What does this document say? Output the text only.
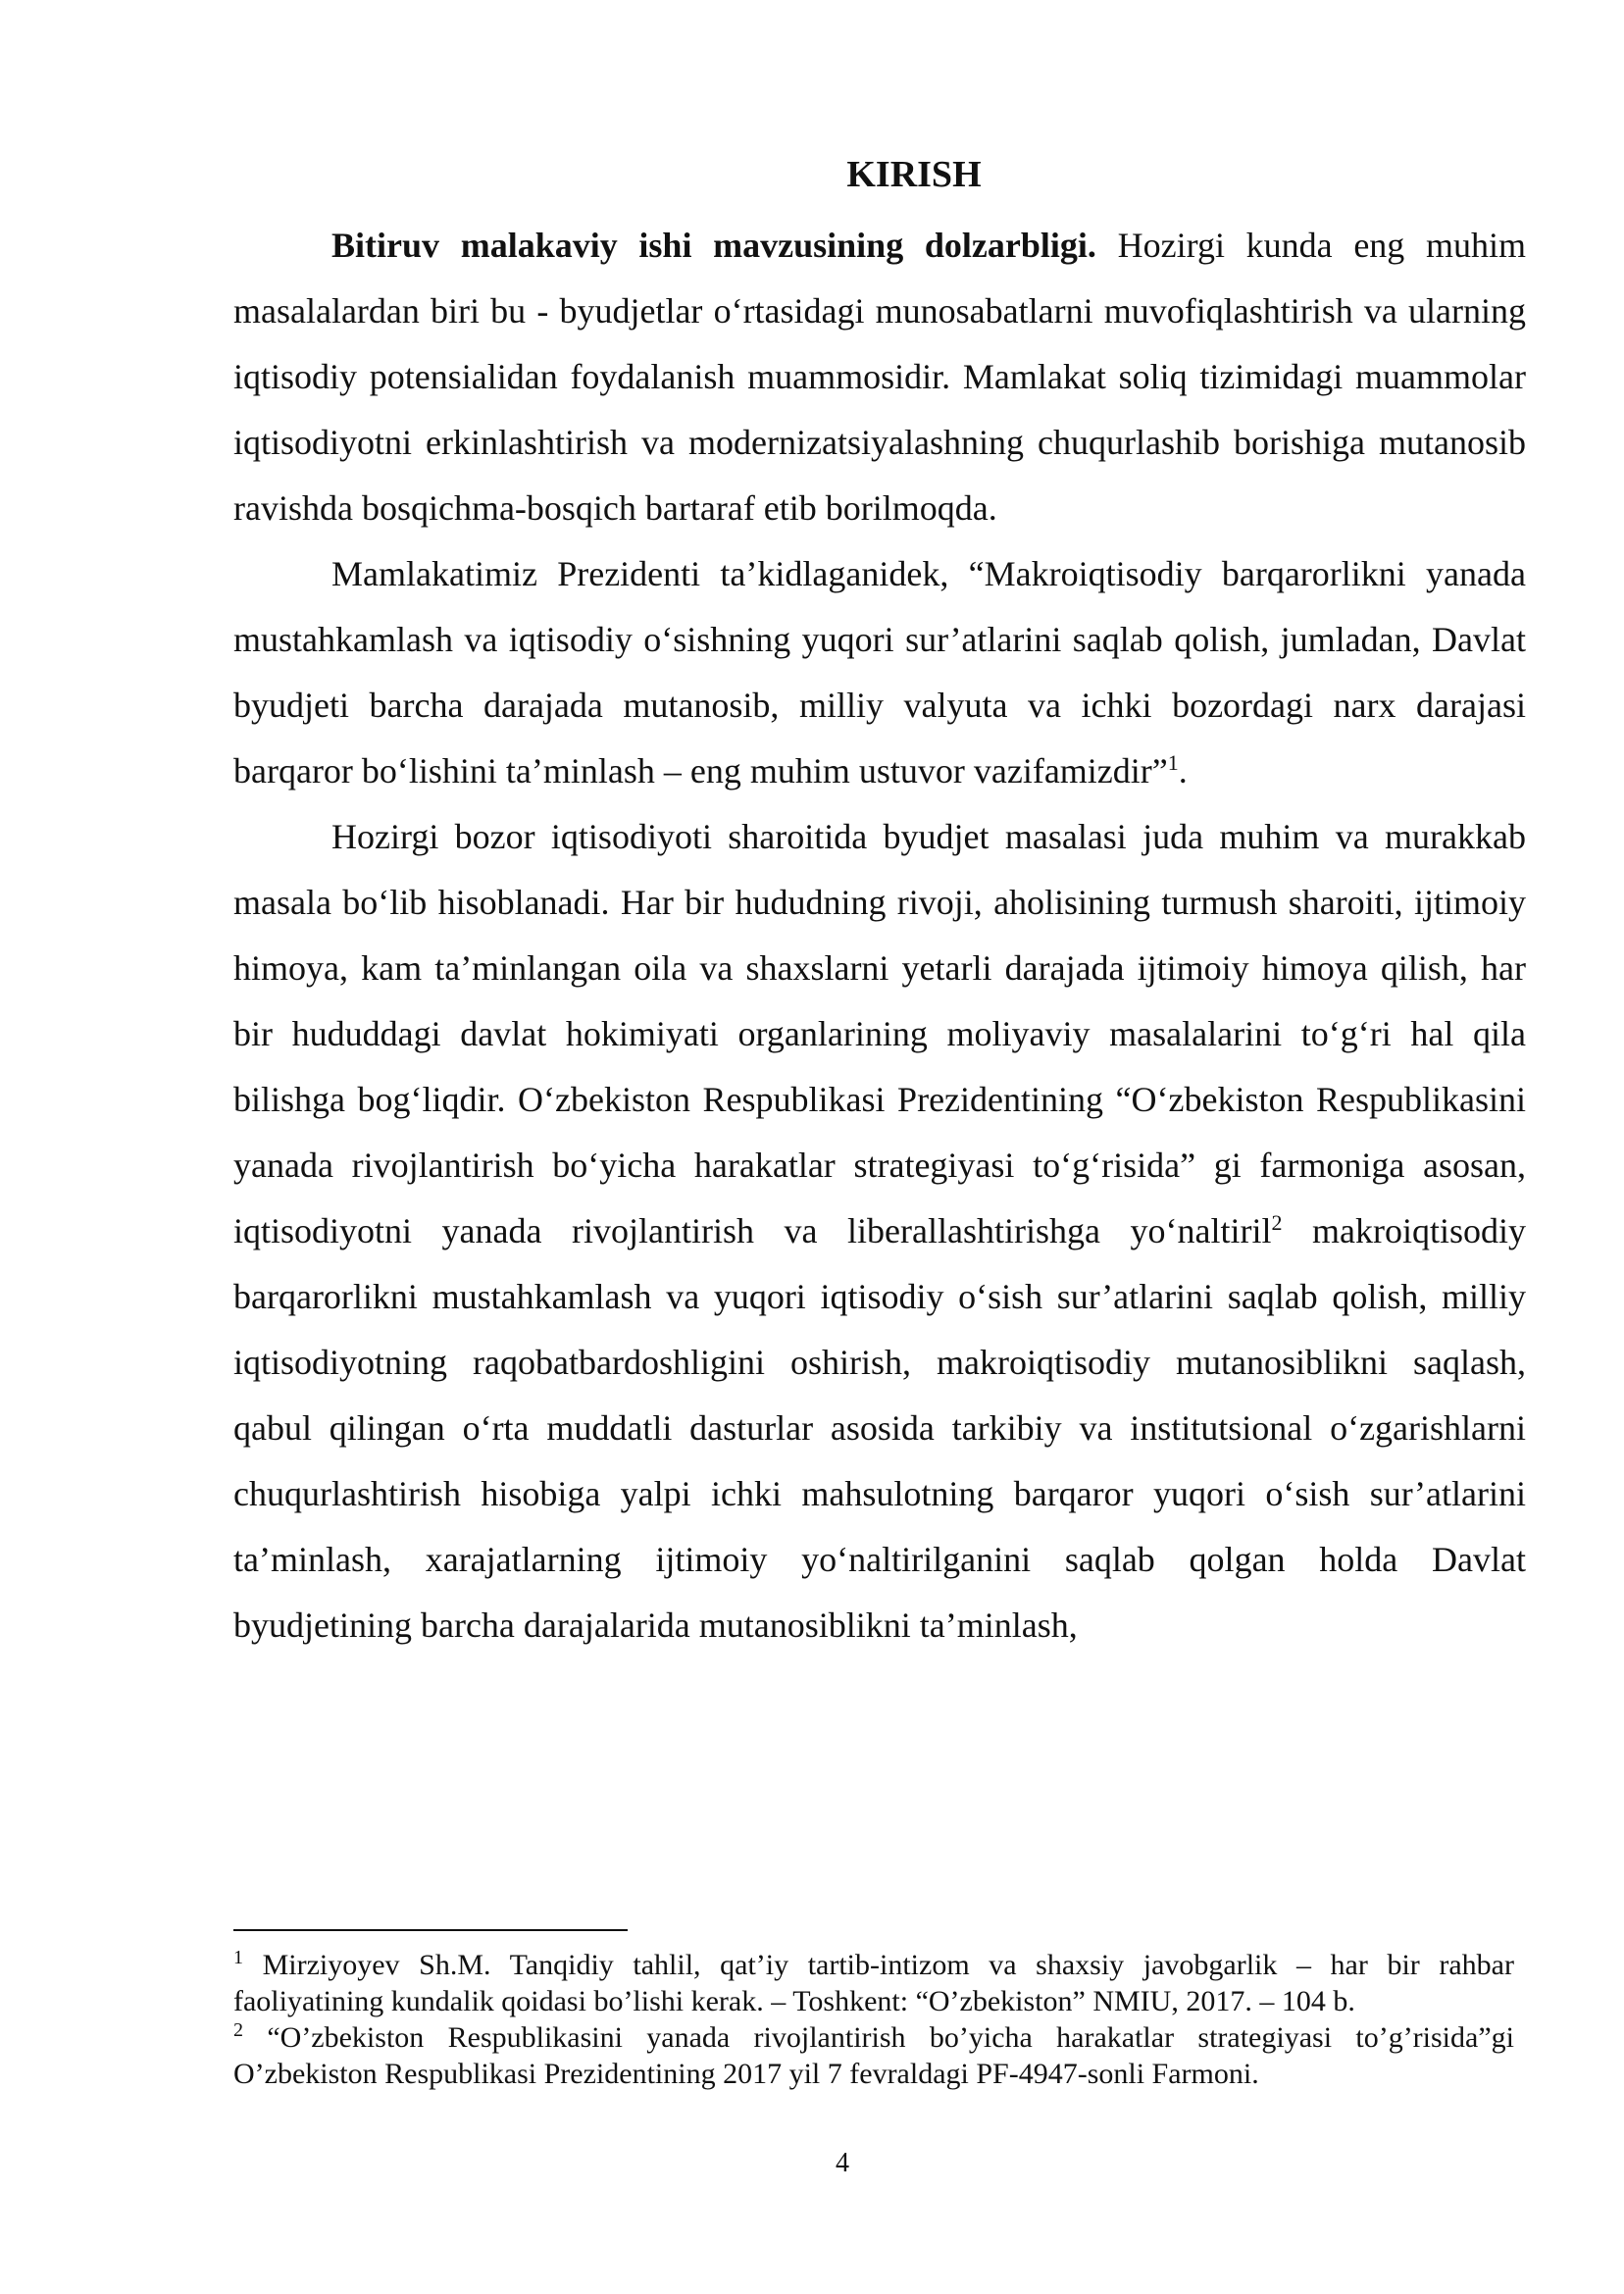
KIRISH

Bitiruv malakaviy ishi mavzusining dolzarbligi. Hozirgi kunda eng muhim masalalardan biri bu - byudjetlar o‘rtasidagi munosabatlarni muvofiqlashtirish va ularning iqtisodiy potensialidan foydalanish muammosidir. Mamlakat soliq tizimidagi muammolar iqtisodiyotni erkinlashtirish va modernizatsiyalashning chuqurlashib borishiga mutanosib ravishda bosqichma-bosqich bartaraf etib borilmoqda.

Mamlakatimiz Prezidenti ta’kidlaganidek, “Makroiqtisodiy barqarorlikni yanada mustahkamlash va iqtisodiy o‘sishning yuqori sur’atlarini saqlab qolish, jumladan, Davlat byudjeti barcha darajada mutanosib, milliy valyuta va ichki bozordagi narx darajasi barqaror bo‘lishini ta’minlash – eng muhim ustuvor vazifamizdir”$^1$.

Hozirgi bozor iqtisodiyoti sharoitida byudjet masalasi juda muhim va murakkab masala bo‘lib hisoblanadi. Har bir hududning rivoji, aholisining turmush sharoiti, ijtimoiy himoya, kam ta’minlangan oila va shaxslarni yetarli darajada ijtimoiy himoya qilish, har bir hududdagi davlat hokimiyati organlarining moliyaviy masalalarini to‘g‘ri hal qila bilishga bog‘liqdir. O‘zbekiston Respublikasi Prezidentining “O‘zbekiston Respublikasini yanada rivojlantirish bo‘yicha harakatlar strategiyasi to‘g‘risida” gi farmoniga asosan, iqtisodiyotni yanada rivojlantirish va liberallashtirishga yo‘naltiril$^2$ makroiqtisodiy barqarorlikni mustahkamlash va yuqori iqtisodiy o‘sish sur’atlarini saqlab qolish, milliy iqtisodiyotning raqobatbardoshligini oshirish, makroiqtisodiy mutanosiblikni saqlash, qabul qilingan o‘rta muddatli dasturlar asosida tarkibiy va institutsional o‘zgarishlarni chuqurlashtirish hisobiga yalpi ichki mahsulotning barqaror yuqori o‘sish sur’atlarini ta’minlash, xarajatlarning ijtimoiy yo‘naltirilganini saqlab qolgan holda Davlat byudjetining barcha darajalarida mutanosiblikni ta’minlash,

$^1$ Mirziyoyev Sh.M. Tanqidiy tahlil, qat’iy tartib-intizom va shaxsiy javobgarlik – har bir rahbar faoliyatining kundalik qoidasi bo’lishi kerak. – Toshkent: “O’zbekiston” NMIU, 2017. – 104 b.

$^2$ “O’zbekiston Respublikasini yanada rivojlantirish bo’yicha harakatlar strategiyasi to’g’risida”gi O’zbekiston Respublikasi Prezidentining 2017 yil 7 fevraldagi PF-4947-sonli Farmoni.

4
